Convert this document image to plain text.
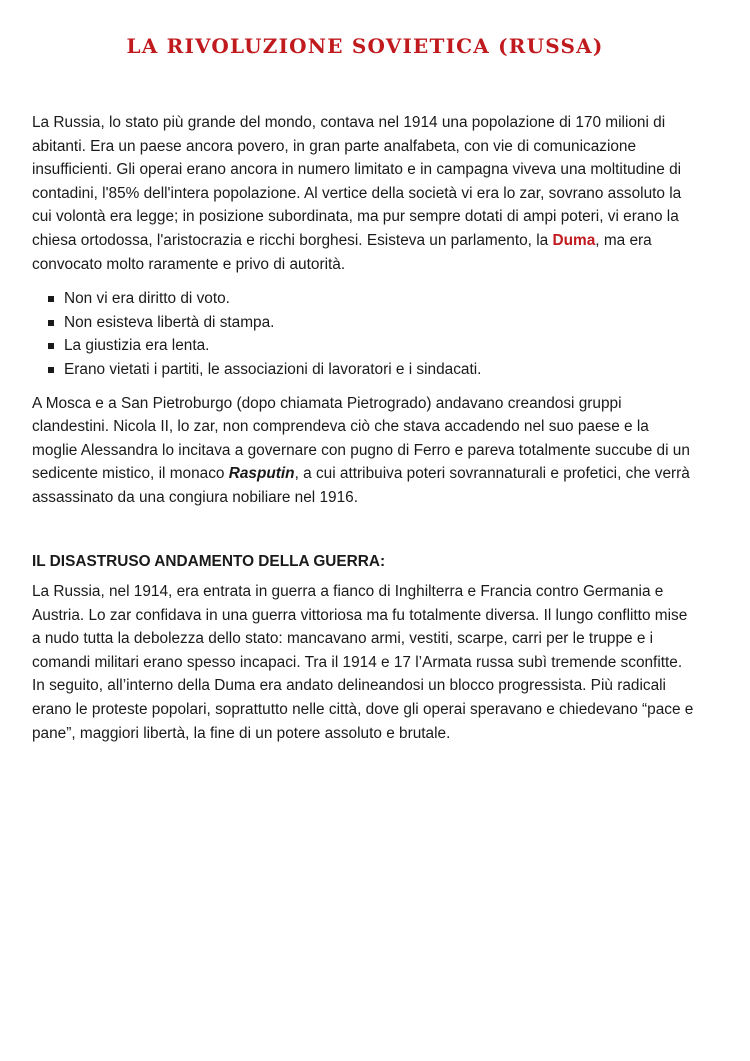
LA RIVOLUZIONE SOVIETICA (RUSSA)

La Russia, lo stato più grande del mondo, contava nel 1914 una popolazione di 170 milioni di abitanti. Era un paese ancora povero, in gran parte analfabeta, con vie di comunicazione insufficienti. Gli operai erano ancora in numero limitato e in campagna viveva una moltitudine di contadini, l'85% dell'intera popolazione. Al vertice della società vi era lo zar, sovrano assoluto la cui volontà era legge; in posizione subordinata, ma pur sempre dotati di ampi poteri, vi erano la chiesa ortodossa, l'aristocrazia e ricchi borghesi. Esisteva un parlamento, la Duma, ma era convocato molto raramente e privo di autorità.

Non vi era diritto di voto.
Non esisteva libertà di stampa.
La giustizia era lenta.
Erano vietati i partiti, le associazioni di lavoratori e i sindacati.

A Mosca e a San Pietroburgo (dopo chiamata Pietrogrado) andavano creandosi gruppi clandestini. Nicola II, lo zar, non comprendeva ciò che stava accadendo nel suo paese e la moglie Alessandra lo incitava a governare con pugno di Ferro e pareva totalmente succube di un sedicente mistico, il monaco Rasputin, a cui attribuiva poteri sovrannaturali e profetici, che verrà assassinato da una congiura nobiliare nel 1916.

IL DISASTRUSO ANDAMENTO DELLA GUERRA:

La Russia, nel 1914, era entrata in guerra a fianco di Inghilterra e Francia contro Germania e Austria. Lo zar confidava in una guerra vittoriosa ma fu totalmente diversa. Il lungo conflitto mise a nudo tutta la debolezza dello stato: mancavano armi, vestiti, scarpe, carri per le truppe e i comandi militari erano spesso incapaci. Tra il 1914 e 17 l’Armata russa subì tremende sconfitte. In seguito, all’interno della Duma era andato delineandosi un blocco progressista. Più radicali erano le proteste popolari, soprattutto nelle città, dove gli operai speravano e chiedevano “pace e pane”, maggiori libertà, la fine di un potere assoluto e brutale.
